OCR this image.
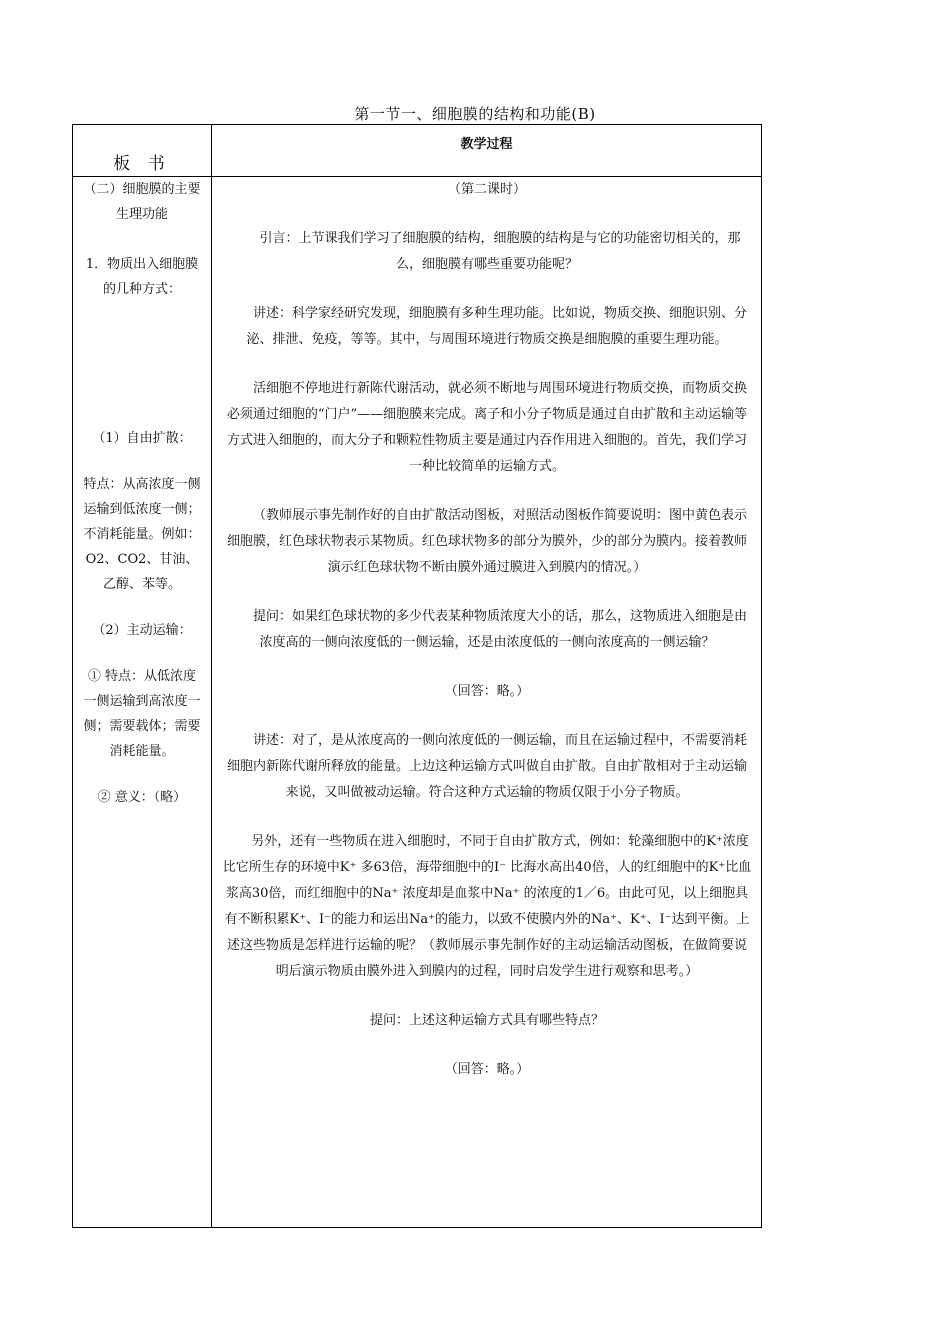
第一节一、细胞膜的结构和功能(B)
板 书
教学过程

（二）细胞膜的主要生理功能

1．物质出入细胞膜的几种方式：

（1）自由扩散：

特点：从高浓度一侧运输到低浓度一侧；不消耗能量。例如：O2、CO2、甘油、乙醇、苯等。

（2）主动运输：

① 特点：从低浓度一侧运输到高浓度一侧；需要载体；需要消耗能量。

② 意义：（略）

（第二课时）

引言：上节课我们学习了细胞膜的结构，细胞膜的结构是与它的功能密切相关的，那么，细胞膜有哪些重要功能呢？

讲述：科学家经研究发现，细胞膜有多种生理功能。比如说，物质交换、细胞识别、分泌、排泄、免疫，等等。其中，与周围环境进行物质交换是细胞膜的重要生理功能。

活细胞不停地进行新陈代谢活动，就必须不断地与周围环境进行物质交换，而物质交换必须通过细胞的“门户”——细胞膜来完成。离子和小分子物质是通过自由扩散和主动运输等方式进入细胞的，而大分子和颗粒性物质主要是通过内吞作用进入细胞的。首先，我们学习一种比较简单的运输方式。

（教师展示事先制作好的自由扩散活动图板，对照活动图板作简要说明：图中黄色表示细胞膜，红色球状物表示某物质。红色球状物多的部分为膜外，少的部分为膜内。接着教师演示红色球状物不断由膜外通过膜进入到膜内的情况。）

提问：如果红色球状物的多少代表某种物质浓度大小的话，那么，这物质进入细胞是由浓度高的一侧向浓度低的一侧运输，还是由浓度低的一侧向浓度高的一侧运输？

（回答：略。）

讲述：对了，是从浓度高的一侧向浓度低的一侧运输，而且在运输过程中，不需要消耗细胞内新陈代谢所释放的能量。上边这种运输方式叫做自由扩散。自由扩散相对于主动运输来说，又叫做被动运输。符合这种方式运输的物质仅限于小分子物质。

另外，还有一些物质在进入细胞时，不同于自由扩散方式，例如：轮藻细胞中的K⁺浓度比它所生存的环境中K⁺ 多63倍，海带细胞中的I⁻ 比海水高出40倍，人的红细胞中的K⁺比血浆高30倍，而红细胞中的Na⁺ 浓度却是血浆中Na⁺ 的浓度的1／6。由此可见，以上细胞具有不断积累K⁺、I⁻的能力和运出Na⁺的能力，以致不使膜内外的Na⁺、K⁺、I⁻达到平衡。上述这些物质是怎样进行运输的呢？（教师展示事先制作好的主动运输活动图板，在做简要说明后演示物质由膜外进入到膜内的过程，同时启发学生进行观察和思考。）

提问：上述这种运输方式具有哪些特点？

（回答：略。）
